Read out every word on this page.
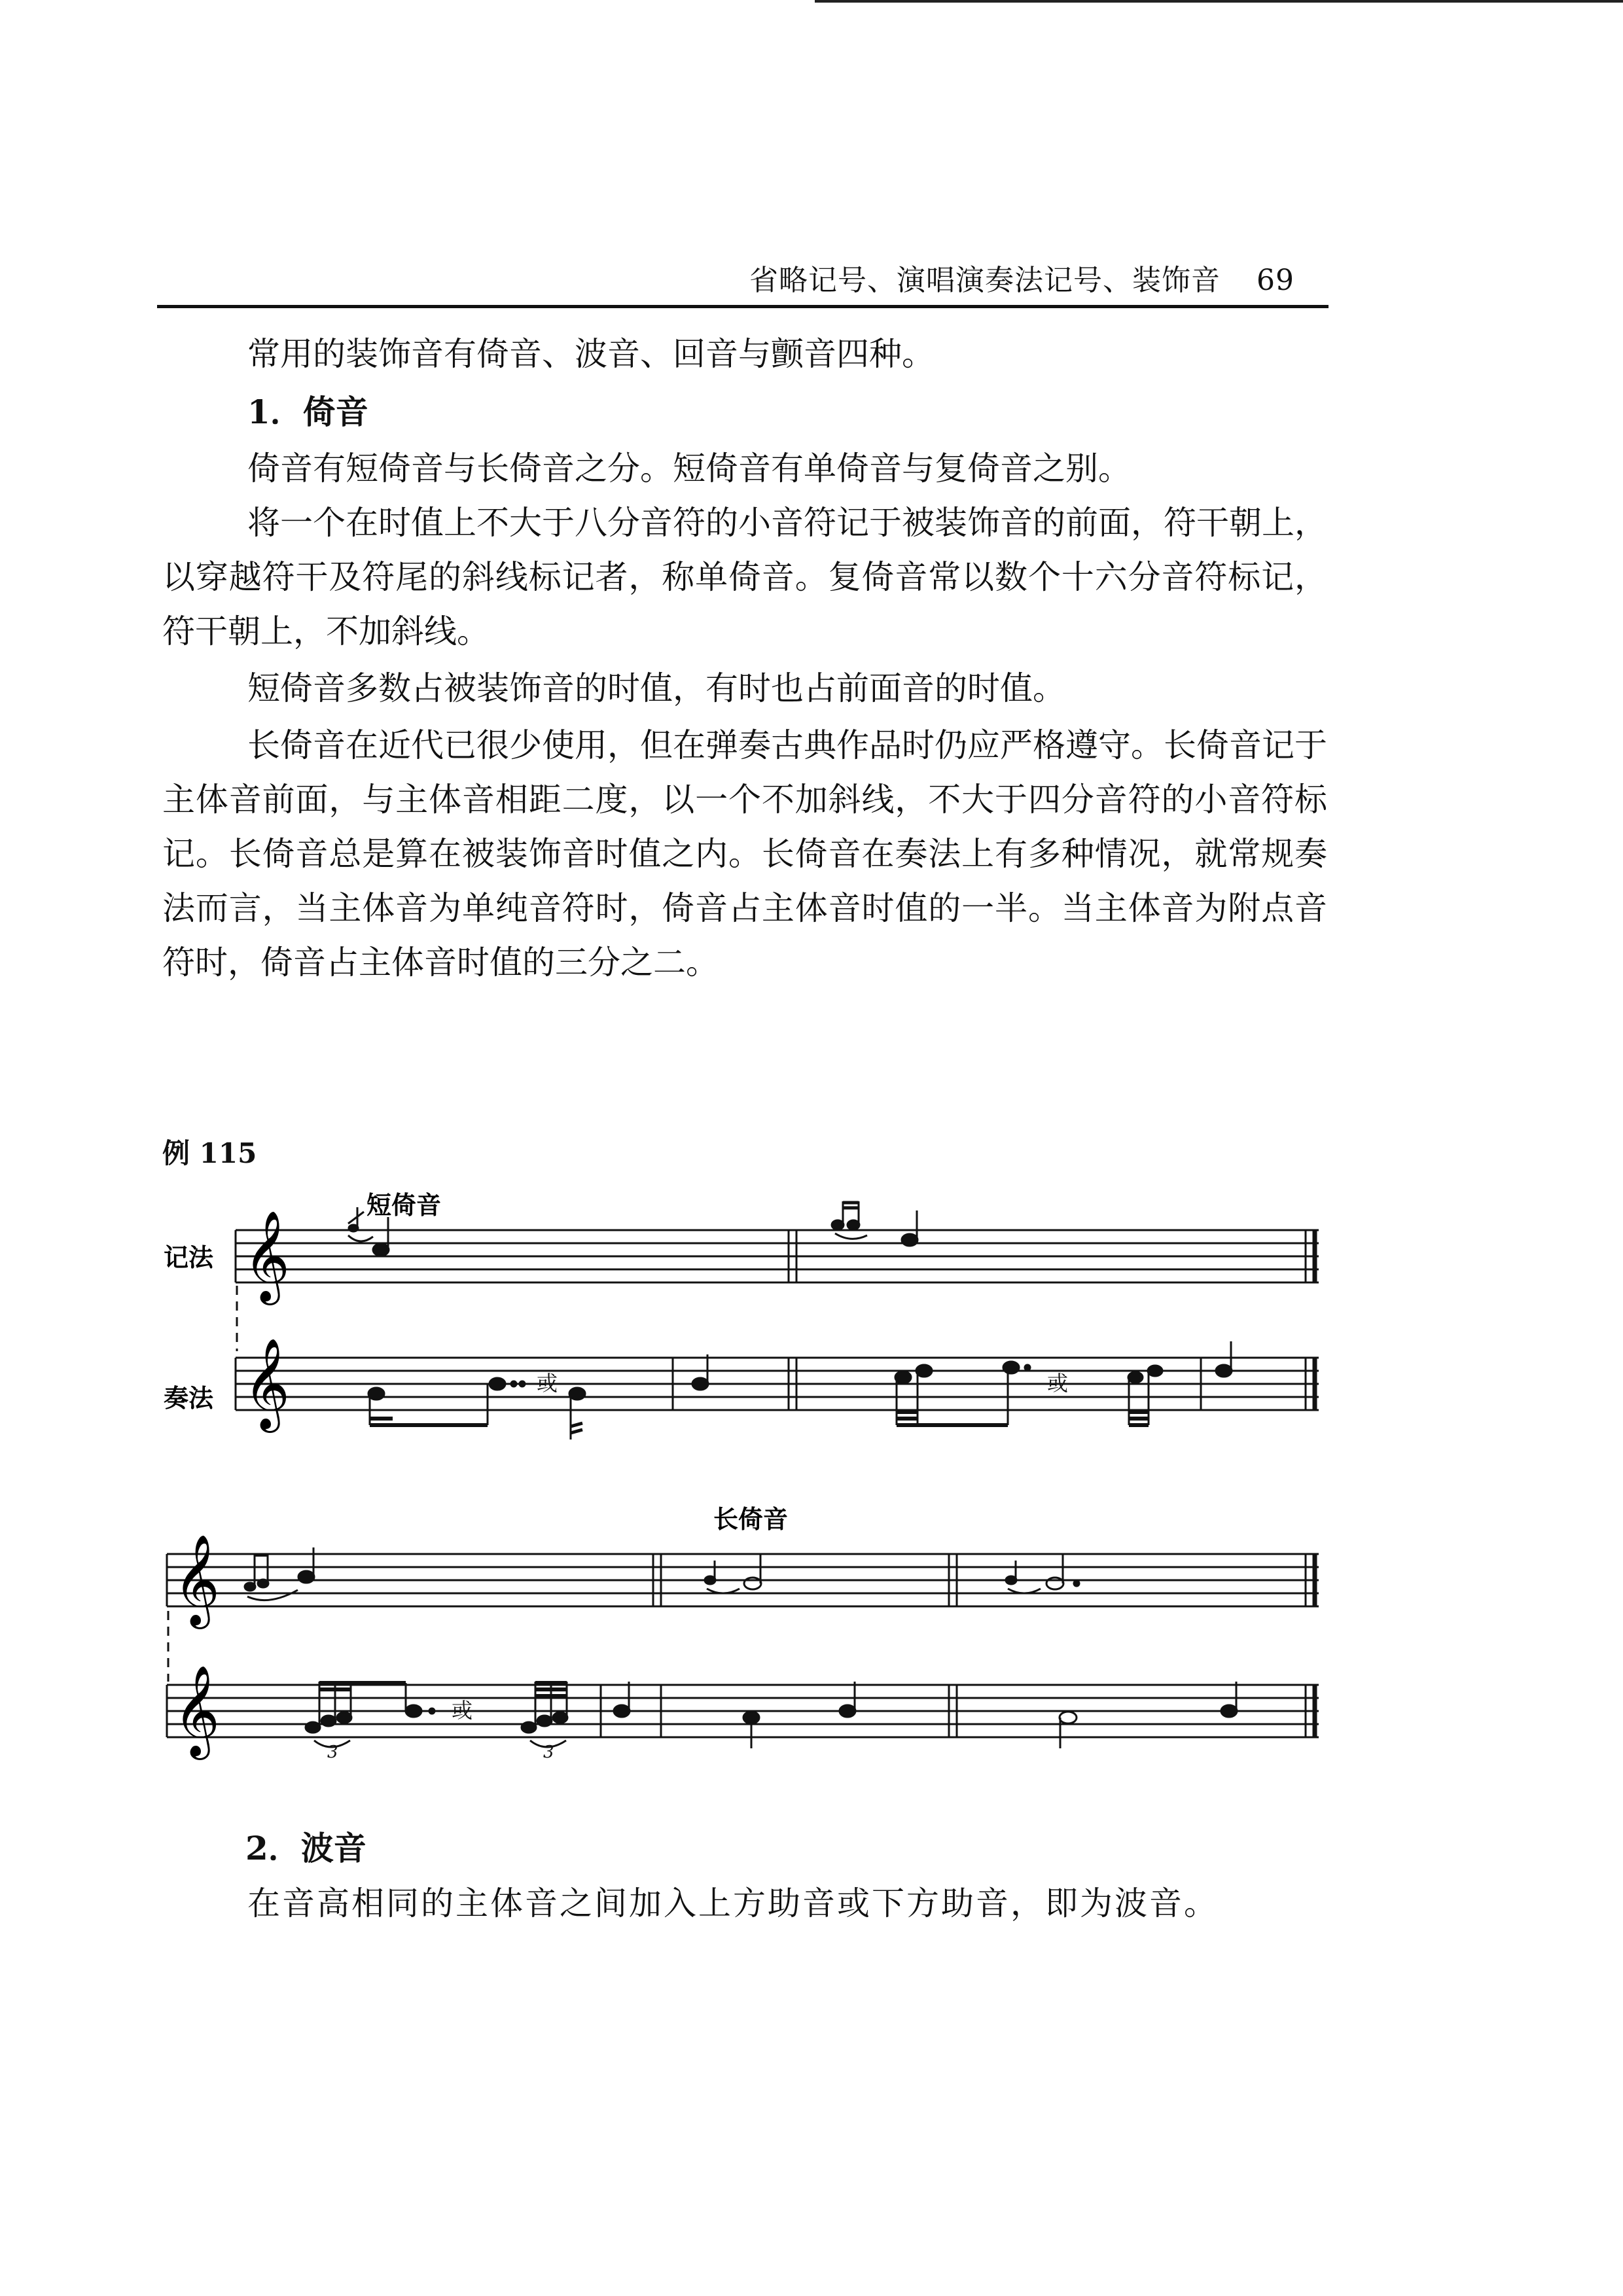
省略记号、演唱演奏法记号、装饰音 69

常用的装饰音有倚音、波音、回音与颤音四种。

1．倚音

倚音有短倚音与长倚音之分。短倚音有单倚音与复倚音之别。

将一个在时值上不大于八分音符的小音符记于被装饰音的前面，符干朝上，以穿越符干及符尾的斜线标记者，称单倚音。复倚音常以数个十六分音符标记，符干朝上，不加斜线。

短倚音多数占被装饰音的时值，有时也占前面音的时值。

长倚音在近代已很少使用，但在弹奏古典作品时仍应严格遵守。长倚音记于主体音前面，与主体音相距二度，以一个不加斜线，不大于四分音符的小音符标记。长倚音总是算在被装饰音时值之内。长倚音在奏法上有多种情况，就常规奏法而言，当主体音为单纯音符时，倚音占主体音时值的一半。当主体音为附点音符时，倚音占主体音时值的三分之二。

例 115
短倚音
记法
奏法
𝄞
𝄞	或	或
长倚音
𝄞
𝄞	3
或
3
2．波音

在音高相同的主体音之间加入上方助音或下方助音，即为波音。
